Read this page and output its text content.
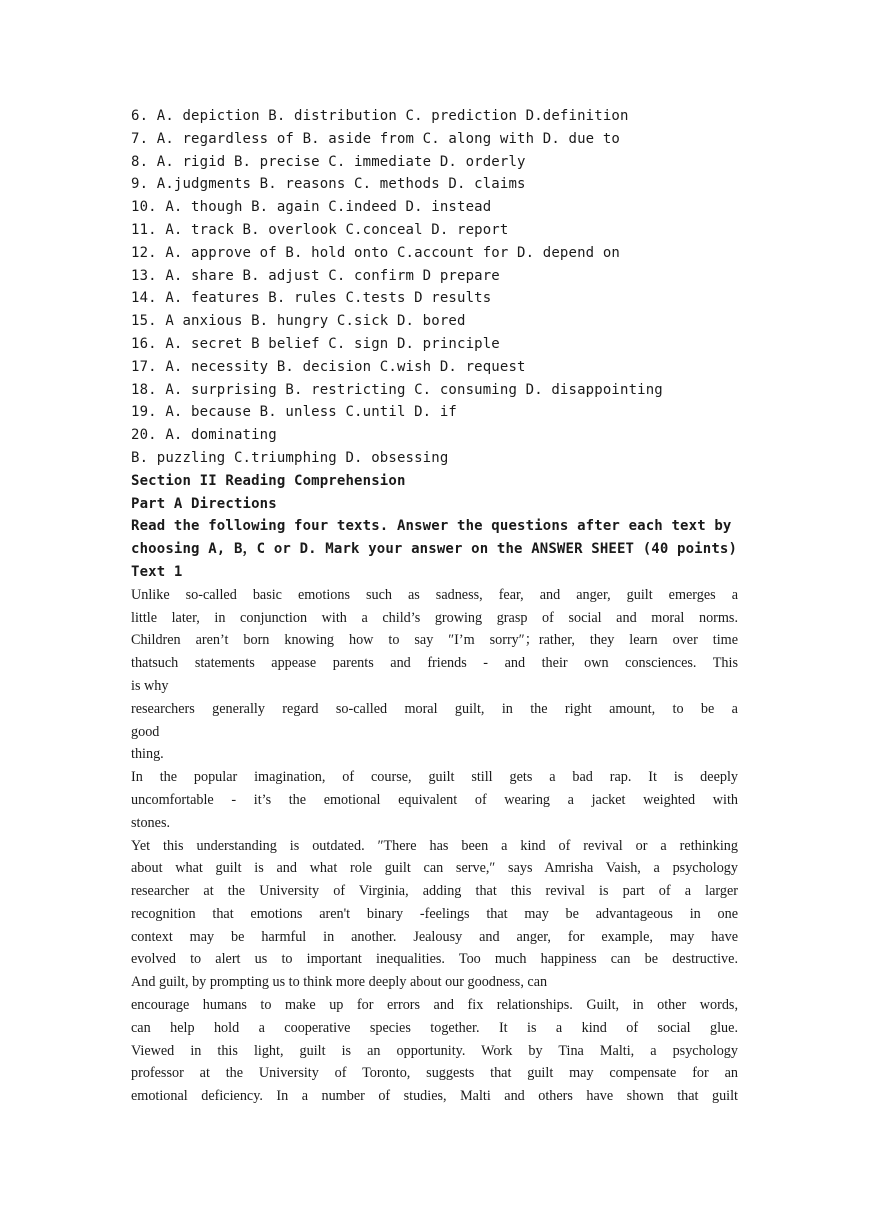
6. A. depiction B. distribution C. prediction D.definition
7. A. regardless of B. aside from C. along with D. due to
8. A. rigid B. precise C. immediate D. orderly
9. A.judgments B. reasons C. methods D. claims
10. A. though B. again C.indeed D. instead
11. A. track B. overlook C.conceal D. report
12. A. approve of B. hold onto C.account for D. depend on
13. A. share B. adjust C. confirm D prepare
14. A. features B. rules C.tests D results
15. A anxious B. hungry C.sick D. bored
16. A. secret B belief C. sign D. principle
17. A. necessity B. decision C.wish D. request
18. A. surprising B. restricting C. consuming D. disappointing
19. A. because B. unless C.until D. if
20. A. dominating
B. puzzling C.triumphing D. obsessing
Section II Reading Comprehension
Part A Directions
Read the following four texts. Answer the questions after each text by
choosing A, B，C or D. Mark your answer on the ANSWER SHEET (40 points)
Text 1
Unlike so-called basic emotions such as sadness, fear, and anger, guilt emerges a
little later, in conjunction with a child’s growing grasp of social and moral norms.
Children aren’t born knowing how to say ″I’m sorry″；rather, they learn over time
thatsuch statements appease parents and friends - and their own consciences. This
is why
researchers generally regard so-called moral guilt, in the right amount, to be a
good
thing.
In the popular imagination, of course, guilt still gets a bad rap. It is deeply
uncomfortable - it’s the emotional equivalent of wearing a jacket weighted with
stones.
Yet this understanding is outdated. ″There has been a kind of revival or a rethinking
about what guilt is and what role guilt can serve,″ says Amrisha Vaish, a psychology
researcher at the University of Virginia, adding that this revival is part of a larger
recognition that emotions aren't binary -feelings that may be advantageous in one
context may be harmful in another. Jealousy and anger, for example, may have
evolved to alert us to important inequalities. Too much happiness can be destructive.
And guilt, by prompting us to think more deeply about our goodness, can
encourage humans to make up for errors and fix relationships. Guilt, in other words,
can help hold a cooperative species together. It is a kind of social glue.
Viewed in this light, guilt is an opportunity. Work by Tina Malti, a psychology
professor at the University of Toronto, suggests that guilt may compensate for an
emotional deficiency. In a number of studies, Malti and others have shown that guilt
